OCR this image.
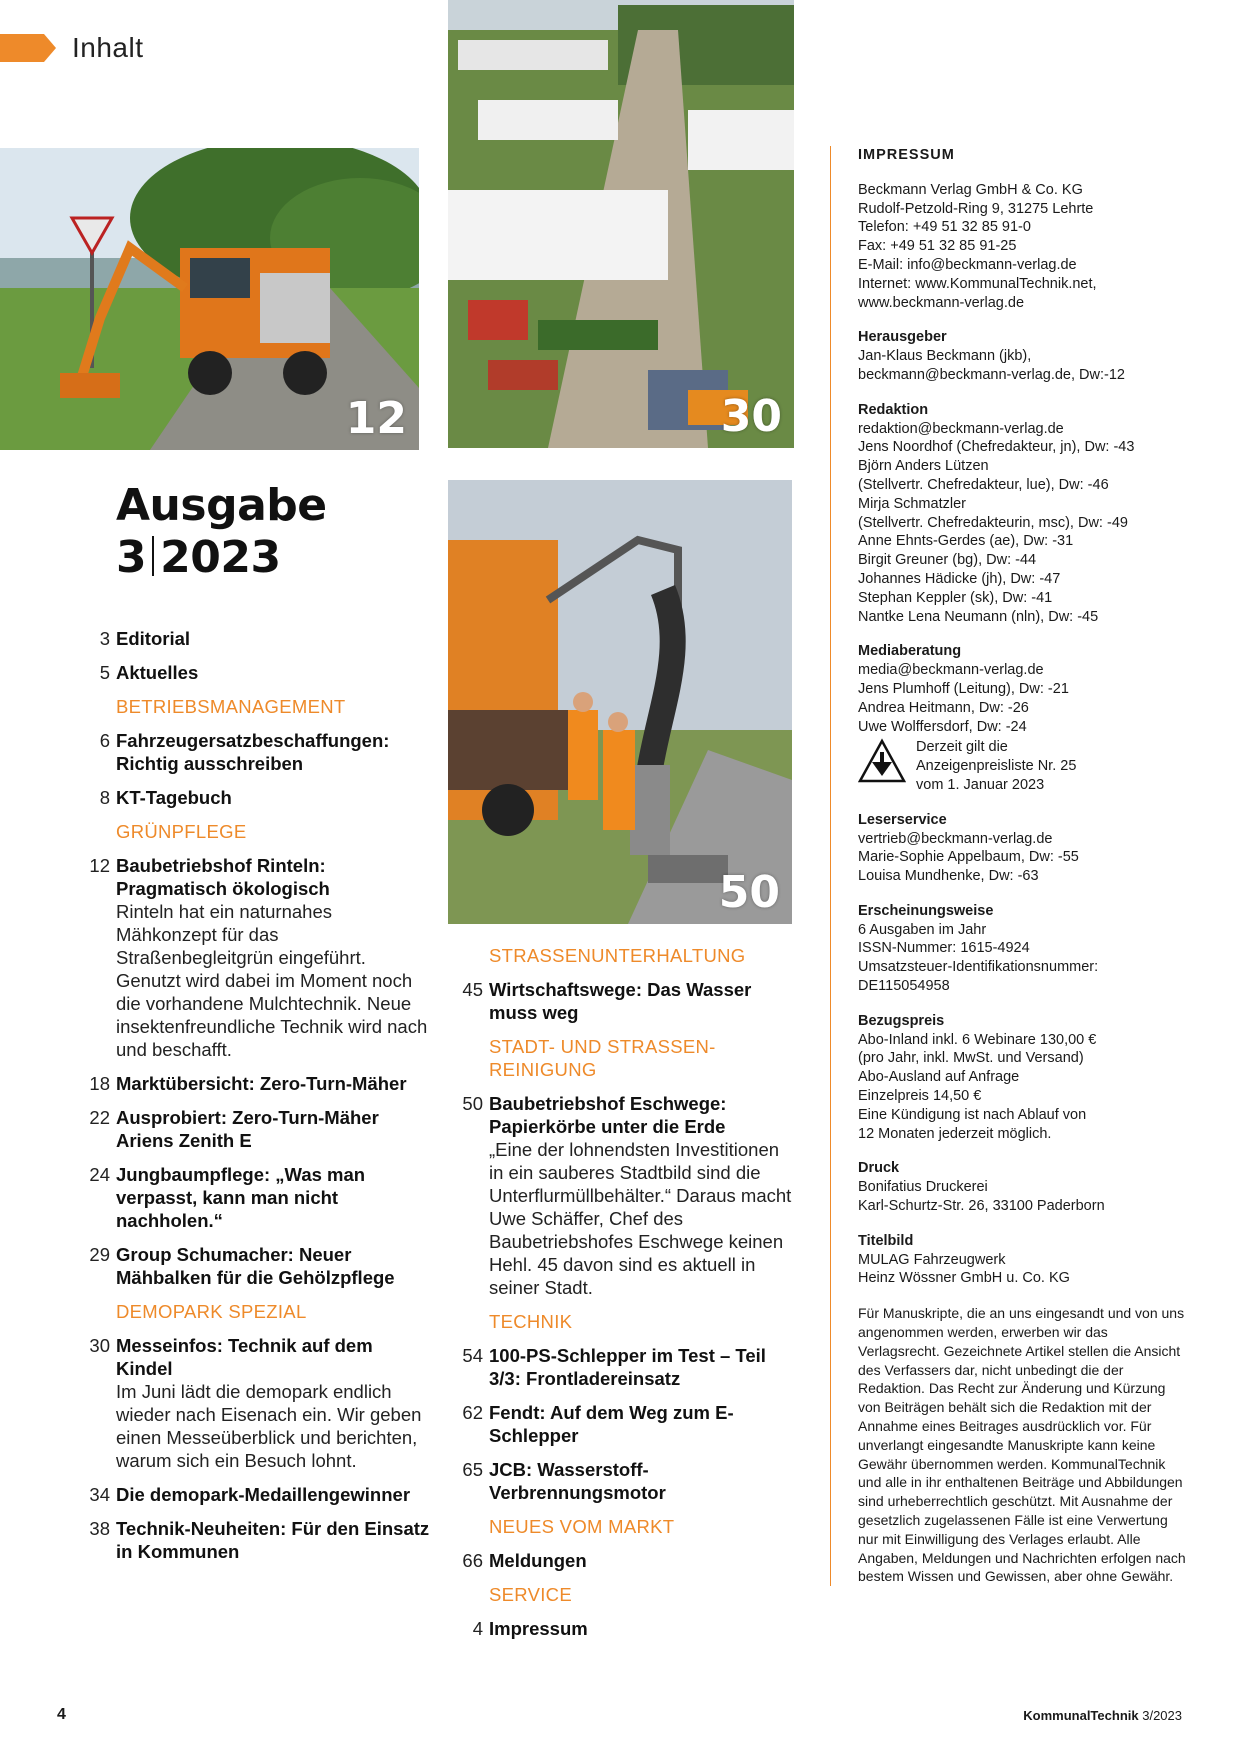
Inhalt
12	30
50
Ausgabe
3 2023
3 Editorial
5 Aktuelles
BETRIEBSMANAGEMENT
6 Fahrzeugersatzbeschaffungen: Richtig ausschreiben
8 KT-Tagebuch
GRÜNPFLEGE
12 Baubetriebshof Rinteln: Pragmatisch ökologisch
Rinteln hat ein naturnahes Mähkonzept für das Straßenbegleitgrün eingeführt. Genutzt wird dabei im Moment noch die vorhandene Mulchtechnik. Neue insektenfreundliche Technik wird nach und beschafft.
18 Marktübersicht: Zero-Turn-Mäher
22 Ausprobiert: Zero-Turn-Mäher Ariens Zenith E
24 Jungbaumpflege: „Was man verpasst, kann man nicht nachholen.“
29 Group Schumacher: Neuer Mähbalken für die Gehölzpflege
DEMOPARK SPEZIAL
30 Messeinfos: Technik auf dem Kindel
Im Juni lädt die demopark endlich wieder nach Eisenach ein. Wir geben einen Messeüberblick und berichten, warum sich ein Besuch lohnt.
34 Die demopark-Medaillengewinner
38 Technik-Neuheiten: Für den Einsatz in Kommunen
STRASSENUNTERHALTUNG
45 Wirtschaftswege: Das Wasser muss weg
STADT- UND STRASSEN-REINIGUNG
50 Baubetriebshof Eschwege: Papierkörbe unter die Erde
„Eine der lohnendsten Investitionen in ein sauberes Stadtbild sind die Unterflurmüllbehälter.“ Daraus macht Uwe Schäffer, Chef des Baubetriebshofes Eschwege keinen Hehl. 45 davon sind es aktuell in seiner Stadt.
TECHNIK
54 100-PS-Schlepper im Test – Teil 3/3: Frontladereinsatz
62 Fendt: Auf dem Weg zum E-Schlepper
65 JCB: Wasserstoff-Verbrennungsmotor
NEUES VOM MARKT
66 Meldungen
SERVICE
4 Impressum
IMPRESSUM
Beckmann Verlag GmbH & Co. KG
Rudolf-Petzold-Ring 9, 31275 Lehrte
Telefon: +49 51 32 85 91-0
Fax: +49 51 32 85 91-25
E-Mail: info@beckmann-verlag.de
Internet: www.KommunalTechnik.net,
www.beckmann-verlag.de
Herausgeber
Jan-Klaus Beckmann (jkb),
beckmann@beckmann-verlag.de, Dw:-12
Redaktion
redaktion@beckmann-verlag.de
Jens Noordhof (Chefredakteur, jn), Dw: -43
Björn Anders Lützen
(Stellvertr. Chefredakteur, lue), Dw: -46
Mirja Schmatzler
(Stellvertr. Chefredakteurin, msc), Dw: -49
Anne Ehnts-Gerdes (ae), Dw: -31
Birgit Greuner (bg), Dw: -44
Johannes Hädicke (jh), Dw: -47
Stephan Keppler (sk), Dw: -41
Nantke Lena Neumann (nln), Dw: -45
Mediaberatung
media@beckmann-verlag.de
Jens Plumhoff (Leitung), Dw: -21
Andrea Heitmann, Dw: -26
Uwe Wolffersdorf, Dw: -24
Derzeit gilt die
Anzeigenpreisliste Nr. 25
vom 1. Januar 2023
Leserservice
vertrieb@beckmann-verlag.de
Marie-Sophie Appelbaum, Dw: -55
Louisa Mundhenke, Dw: -63
Erscheinungsweise
6 Ausgaben im Jahr
ISSN-Nummer: 1615-4924
Umsatzsteuer-Identifikationsnummer:
DE115054958
Bezugspreis
Abo-Inland inkl. 6 Webinare 130,00 €
(pro Jahr, inkl. MwSt. und Versand)
Abo-Ausland auf Anfrage
Einzelpreis 14,50 €
Eine Kündigung ist nach Ablauf von
12 Monaten jederzeit möglich.
Druck
Bonifatius Druckerei
Karl-Schurtz-Str. 26, 33100 Paderborn
Titelbild
MULAG Fahrzeugwerk
Heinz Wössner GmbH u. Co. KG
Für Manuskripte, die an uns eingesandt und von uns angenommen werden, erwerben wir das Verlagsrecht. Gezeichnete Artikel stellen die Ansicht des Verfassers dar, nicht unbedingt die der Redaktion. Das Recht zur Änderung und Kürzung von Beiträgen behält sich die Redaktion mit der Annahme eines Beitrages ausdrücklich vor. Für unverlangt eingesandte Manuskripte kann keine Gewähr übernommen werden. KommunalTechnik und alle in ihr enthaltenen Beiträge und Abbildungen sind urheberrechtlich geschützt. Mit Ausnahme der gesetzlich zugelassenen Fälle ist eine Verwertung nur mit Einwilligung des Verlages erlaubt. Alle Angaben, Meldungen und Nachrichten erfolgen nach bestem Wissen und Gewissen, aber ohne Gewähr.
4	KommunalTechnik 3/2023
